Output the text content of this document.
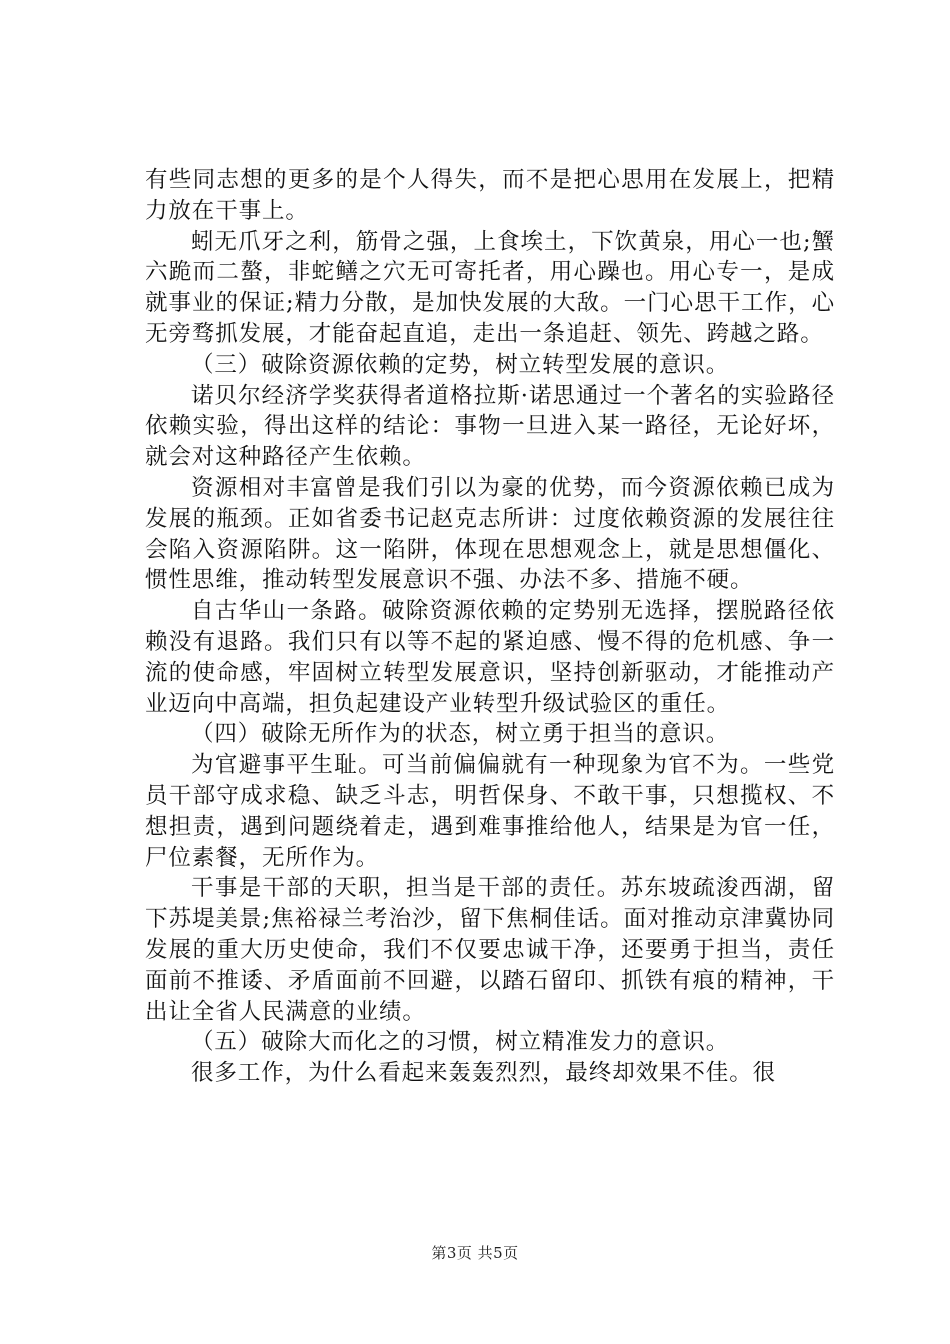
有些同志想的更多的是个人得失，而不是把心思用在发展上，把精力放在干事上。

蚓无爪牙之利，筋骨之强，上食埃土，下饮黄泉，用心一也;蟹六跪而二螯，非蛇鳝之穴无可寄托者，用心躁也。用心专一，是成就事业的保证;精力分散，是加快发展的大敌。一门心思干工作，心无旁骛抓发展，才能奋起直追，走出一条追赶、领先、跨越之路。

（三）破除资源依赖的定势，树立转型发展的意识。

诺贝尔经济学奖获得者道格拉斯·诺思通过一个著名的实验路径依赖实验，得出这样的结论：事物一旦进入某一路径，无论好坏，就会对这种路径产生依赖。

资源相对丰富曾是我们引以为豪的优势，而今资源依赖已成为发展的瓶颈。正如省委书记赵克志所讲：过度依赖资源的发展往往会陷入资源陷阱。这一陷阱，体现在思想观念上，就是思想僵化、惯性思维，推动转型发展意识不强、办法不多、措施不硬。

自古华山一条路。破除资源依赖的定势别无选择，摆脱路径依赖没有退路。我们只有以等不起的紧迫感、慢不得的危机感、争一流的使命感，牢固树立转型发展意识，坚持创新驱动，才能推动产业迈向中高端，担负起建设产业转型升级试验区的重任。

（四）破除无所作为的状态，树立勇于担当的意识。

为官避事平生耻。可当前偏偏就有一种现象为官不为。一些党员干部守成求稳、缺乏斗志，明哲保身、不敢干事，只想揽权、不想担责，遇到问题绕着走，遇到难事推给他人，结果是为官一任，尸位素餐，无所作为。

干事是干部的天职，担当是干部的责任。苏东坡疏浚西湖，留下苏堤美景;焦裕禄兰考治沙，留下焦桐佳话。面对推动京津冀协同发展的重大历史使命，我们不仅要忠诚干净，还要勇于担当，责任面前不推诿、矛盾面前不回避，以踏石留印、抓铁有痕的精神，干出让全省人民满意的业绩。

（五）破除大而化之的习惯，树立精准发力的意识。

很多工作，为什么看起来轰轰烈烈，最终却效果不佳。很

第3页 共5页
